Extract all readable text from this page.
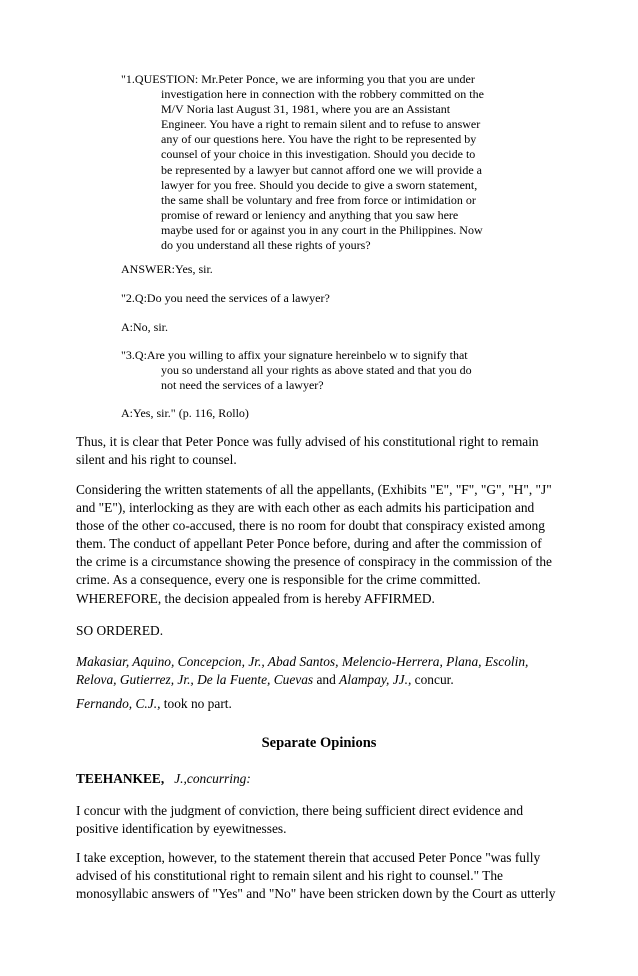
"1.QUESTION: Mr.Peter Ponce, we are informing you that you are under
investigation here in connection with the robbery committed on the
M/V Noria last August 31, 1981, where you are an Assistant
Engineer. You have a right to remain silent and to refuse to answer
any of our questions here. You have the right to be represented by
counsel of your choice in this investigation. Should you decide to
be represented by a lawyer but cannot afford one we will provide a
lawyer for you free. Should you decide to give a sworn statement,
the same shall be voluntary and free from force or intimidation or
promise of reward or leniency and anything that you saw here
maybe used for or against you in any court in the Philippines. Now
do you understand all these rights of yours?
ANSWER:Yes, sir.
"2.Q:Do you need the services of a lawyer?
A:No, sir.
"3.Q:Are you willing to affix your signature hereinbelo w to signify that
you so understand all your rights as above stated and that you do
not need the services of a lawyer?
A:Yes, sir." (p. 116, Rollo)
Thus, it is clear that Peter Ponce was fully advised of his constitutional right to remain
silent and his right to counsel.
Considering the written statements of all the appellants, (Exhibits "E", "F", "G", "H", "J"
and "E"), interlocking as they are with each other as each admits his participation and
those of the other co-accused, there is no room for doubt that conspiracy existed among
them. The conduct of appellant Peter Ponce before, during and after the commission of
the crime is a circumstance showing the presence of conspiracy in the commission of the
crime. As a consequence, every one is responsible for the crime committed.
WHEREFORE, the decision appealed from is hereby AFFIRMED.
SO ORDERED.
Makasiar, Aquino, Concepcion, Jr., Abad Santos, Melencio-Herrera, Plana, Escolin,
Relova, Gutierrez, Jr., De la Fuente, Cuevas and Alampay, JJ., concur.
Fernando, C.J., took no part.
Separate Opinions
TEEHANKEE, J.,concurring:
I concur with the judgment of conviction, there being sufficient direct evidence and
positive identification by eyewitnesses.
I take exception, however, to the statement therein that accused Peter Ponce "was fully
advised of his constitutional right to remain silent and his right to counsel." The
monosyllabic answers of "Yes" and "No" have been stricken down by the Court as utterly
